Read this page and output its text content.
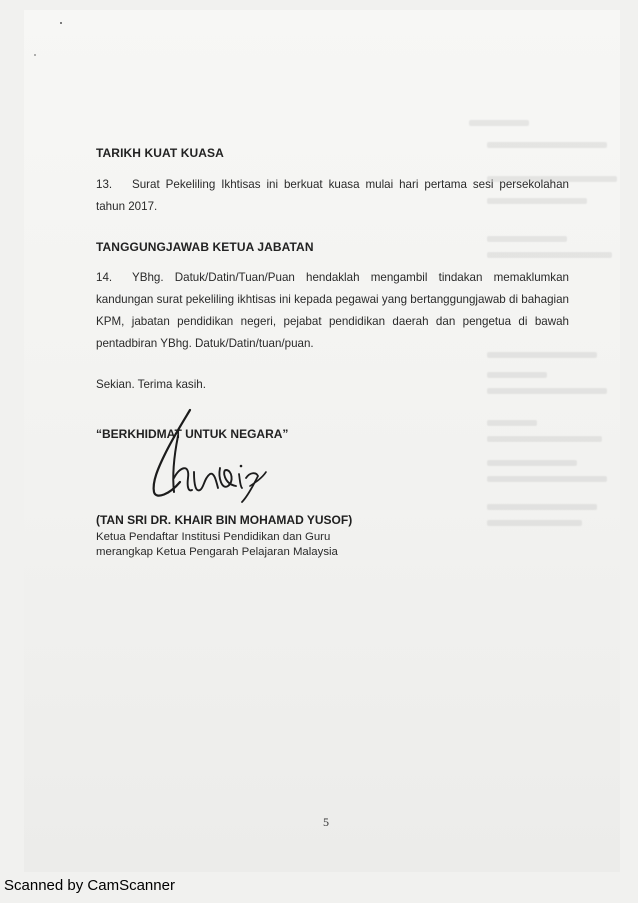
TARIKH KUAT KUASA
13. Surat Pekeliling Ikhtisas ini berkuat kuasa mulai hari pertama sesi persekolahan tahun 2017.
TANGGUNGJAWAB KETUA JABATAN
14. YBhg. Datuk/Datin/Tuan/Puan hendaklah mengambil tindakan memaklumkan kandungan surat pekeliling ikhtisas ini kepada pegawai yang bertanggungjawab di bahagian KPM, jabatan pendidikan negeri, pejabat pendidikan daerah dan pengetua di bawah pentadbiran YBhg. Datuk/Datin/tuan/puan.
Sekian. Terima kasih.
“BERKHIDMAT UNTUK NEGARA”
(TAN SRI DR. KHAIR BIN MOHAMAD YUSOF)
Ketua Pendaftar Institusi Pendidikan dan Guru
merangkap Ketua Pengarah Pelajaran Malaysia
5
Scanned by CamScanner
